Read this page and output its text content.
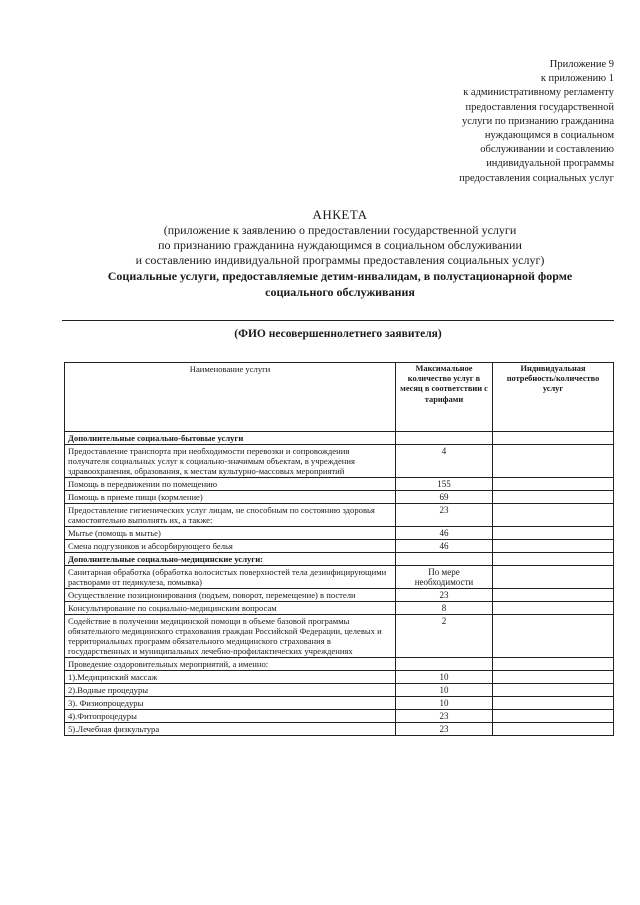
Приложение 9
к приложению 1
к административному регламенту
предоставления государственной
услуги по признанию гражданина
нуждающимся в социальном
обслуживании и составлению
индивидуальной программы
предоставления социальных услуг
АНКЕТА
(приложение к заявлению о предоставлении государственной услуги
по признанию гражданина нуждающимся в социальном обслуживании
и составлению индивидуальной программы предоставления социальных услуг)
Социальные услуги, предоставляемые детим-инвалидам, в полустационарной форме
социального обслуживания
(ФИО несовершеннолетнего заявителя)
Наименование услуги	Максимальное количество услуг в месяц в соответствии с тарифами	Индивидуальная потребность/количество услуг
Дополнительные социально-бытовые услуги		
Предоставление транспорта при необходимости перевозки и сопровождения получателя социальных услуг к социально-значимым объектам, в учреждения здравоохранения, образования, к местам культурно-массовых мероприятий	4	
Помощь в передвижении по помещению	155	
Помощь в приеме пищи (кормление)	69	
Предоставление гигиенических услуг лицам, не способным по состоянию здоровья самостоятельно выполнять их, а также:	23	
Мытье (помощь в мытье)	46	
Смена подгузников и абсорбирующего белья	46	
Дополнительные социально-медицинские услуги:		
Санитарная обработка (обработка волосистых поверхностей тела дезинфицирующими растворами от педикулеза, помывка)	По мере необходимости	
Осуществление позиционирования (подъем, поворот, перемещение) в постели	23	
Консультирование по социально-медицинским вопросам	8	
Содействие в получении медицинской помощи в объеме базовой программы обязательного медицинского страхования граждан Российской Федерации, целевых и территориальных программ обязательного медицинского страхования в государственных и муниципальных лечебно-профилактических учреждениях	2	
Проведение оздоровительных мероприятий, а именно:		
1).Медицинский массаж	10	
2).Водные процедуры	10	
3). Физиопроцедуры	10	
4).Фитопроцедуры	23	
5).Лечебная физкультура	23	
